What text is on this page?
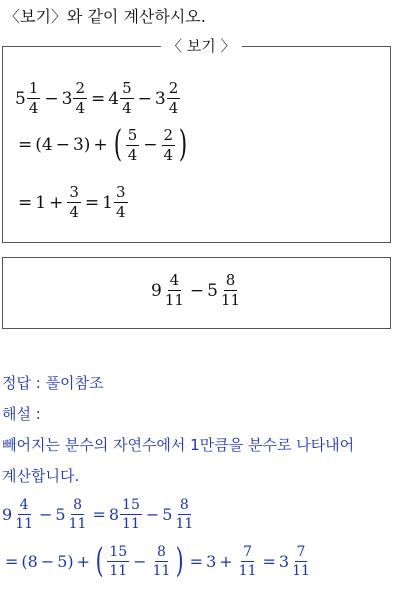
〈보기〉와 같이 계산하시오.
〈 보기 〉
$5 \frac{1}{4} - 3 \frac{2}{4} = 4 \frac{5}{4} - 3 \frac{2}{4}$
= (4 − 3) + ( $\frac{5}{4} - \frac{2}{4}$ )
= $1 + \frac{3}{4} = 1 \frac{3}{4}$
$9 \frac{4}{11} - 5 \frac{8}{11}$
정답 : 풀이참조
해설 :
빼어지는 분수의 자연수에서 1만큼을 분수로 나타내어
계산합니다.
$9 \frac{4}{11} - 5 \frac{8}{11} = 8 \frac{15}{11} - 5 \frac{8}{11}$
= (8 − 5) + ( $\frac{15}{11} - \frac{8}{11}$ ) = $3 + \frac{7}{11} = 3 \frac{7}{11}$
